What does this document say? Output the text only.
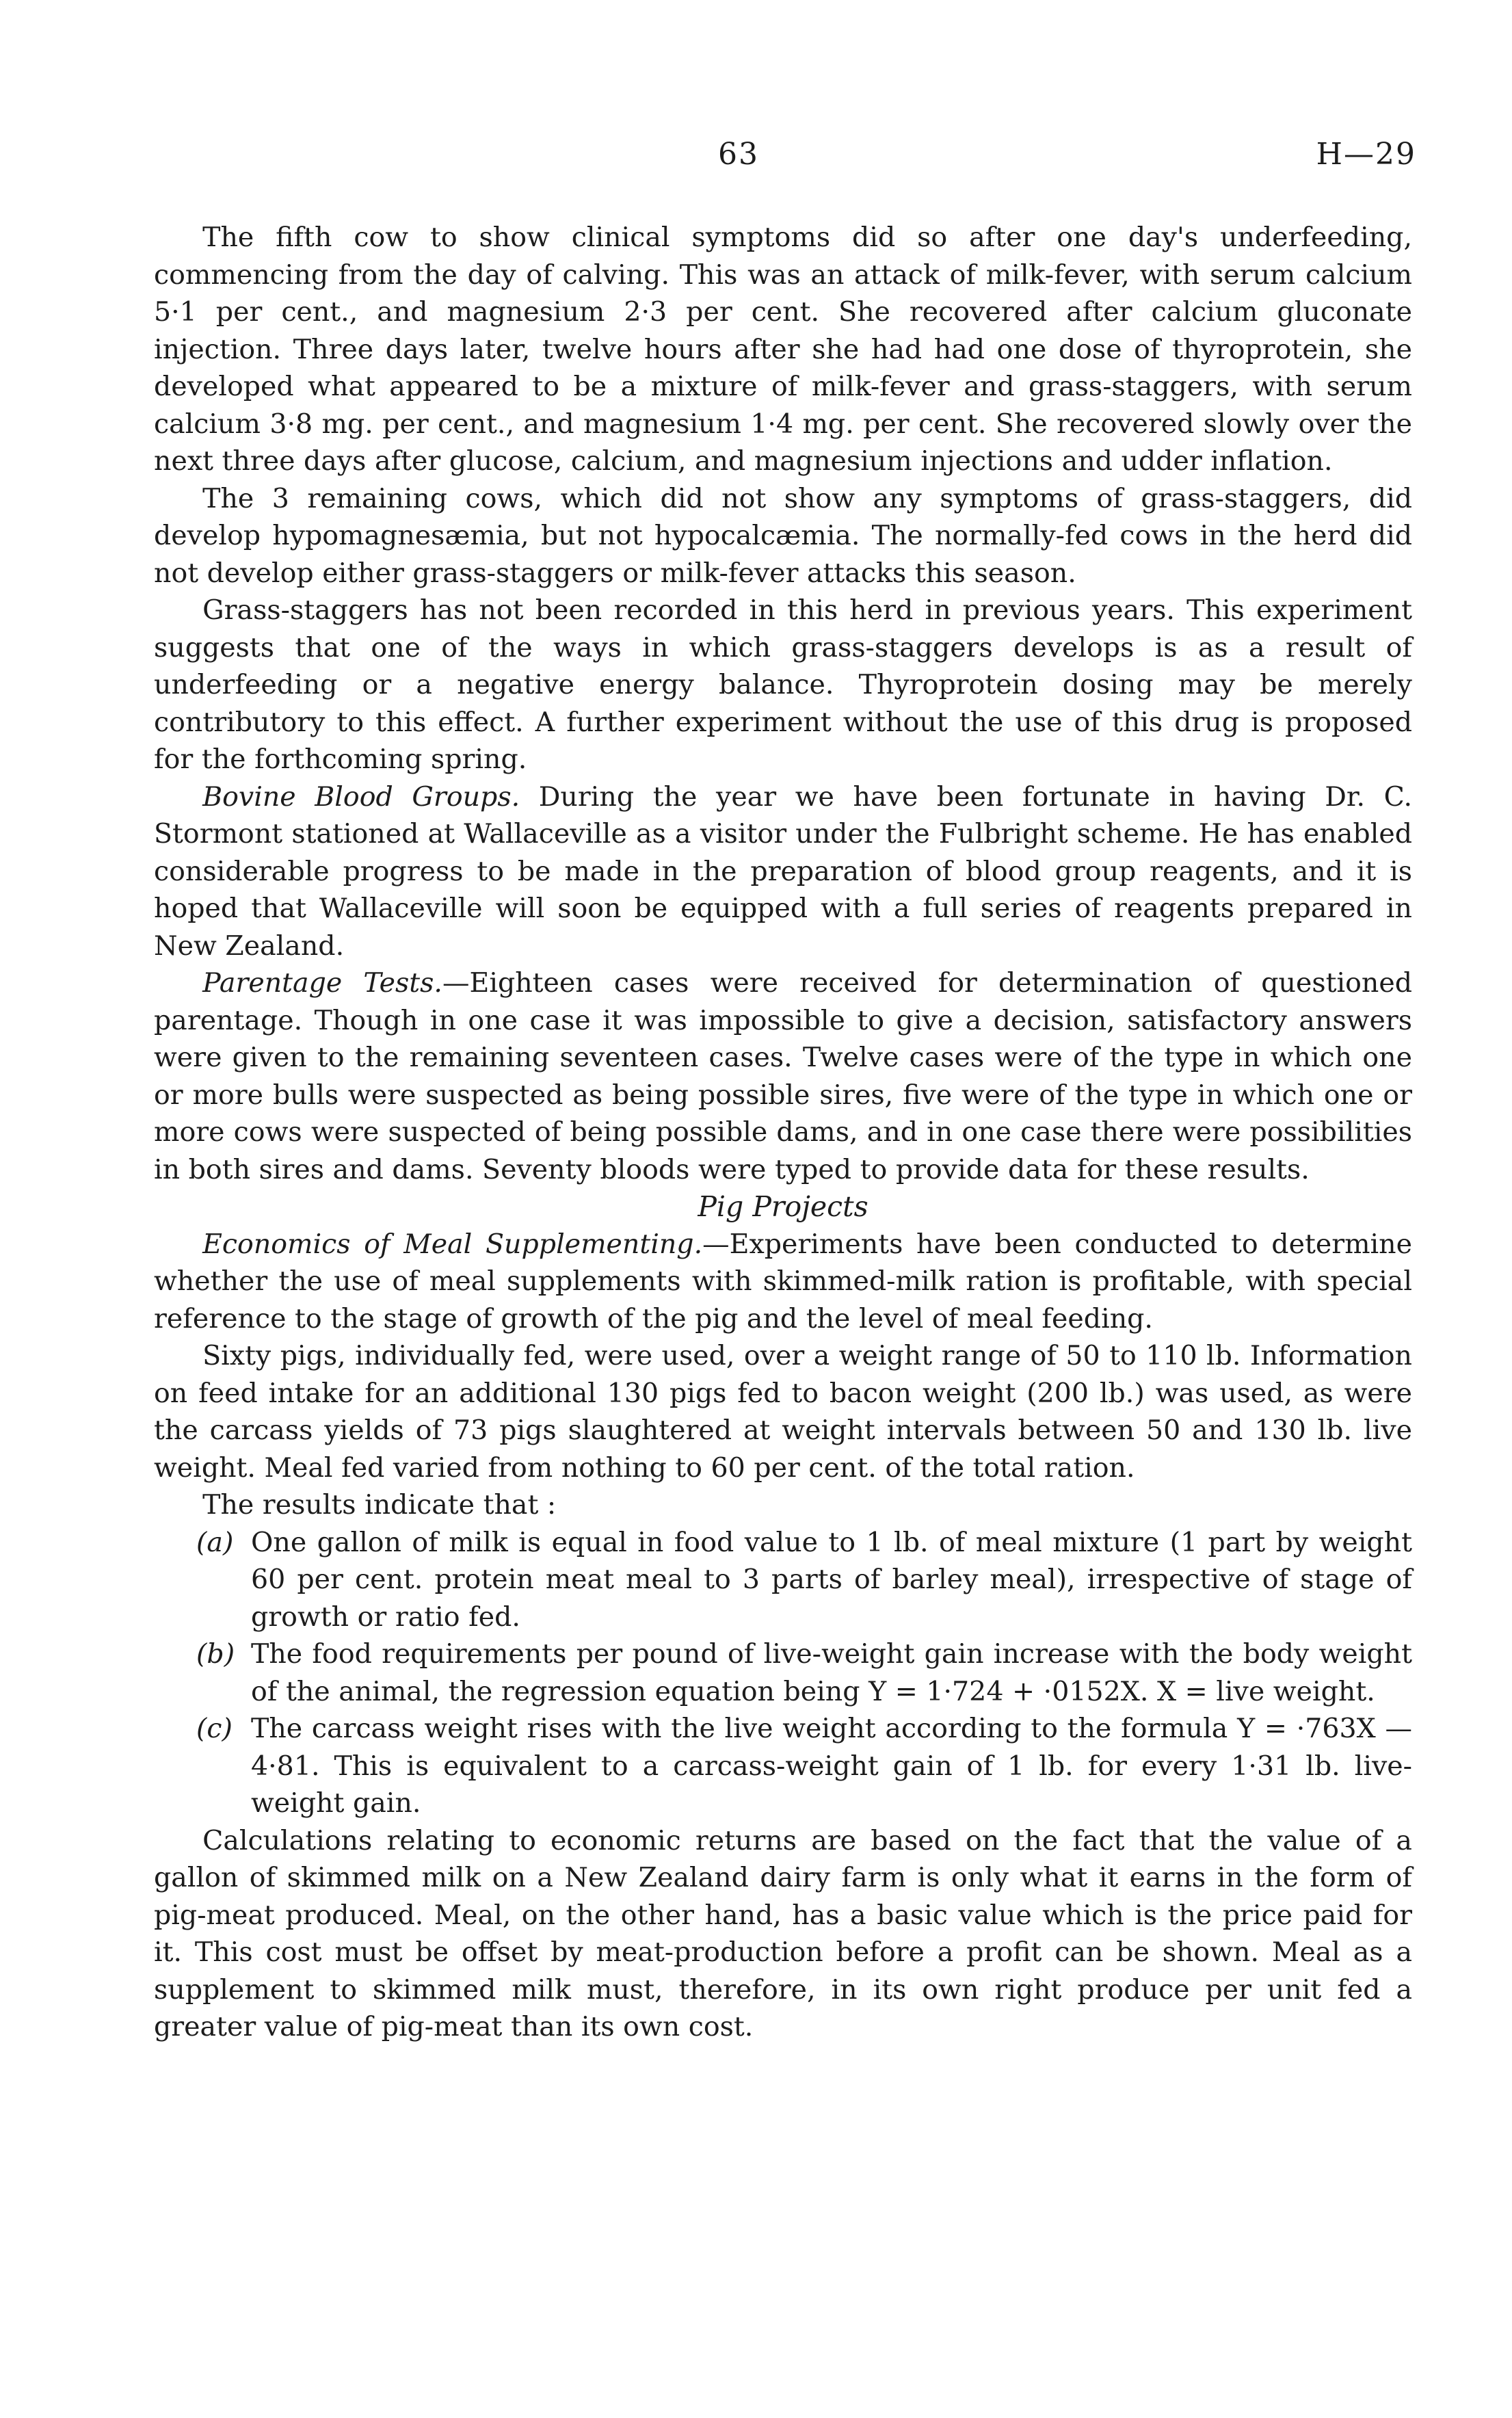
63	H—29

The fifth cow to show clinical symptoms did so after one day's underfeeding, commencing from the day of calving. This was an attack of milk-fever, with serum calcium 5·1 per cent., and magnesium 2·3 per cent. She recovered after calcium gluconate injection. Three days later, twelve hours after she had had one dose of thyroprotein, she developed what appeared to be a mixture of milk-fever and grass-staggers, with serum calcium 3·8 mg. per cent., and magnesium 1·4 mg. per cent. She recovered slowly over the next three days after glucose, calcium, and magnesium injections and udder inflation.

The 3 remaining cows, which did not show any symptoms of grass-staggers, did develop hypomagnesæmia, but not hypocalcæmia. The normally-fed cows in the herd did not develop either grass-staggers or milk-fever attacks this season.

Grass-staggers has not been recorded in this herd in previous years. This experiment suggests that one of the ways in which grass-staggers develops is as a result of underfeeding or a negative energy balance. Thyroprotein dosing may be merely contributory to this effect. A further experiment without the use of this drug is proposed for the forthcoming spring.

Bovine Blood Groups. During the year we have been fortunate in having Dr. C. Stormont stationed at Wallaceville as a visitor under the Fulbright scheme. He has enabled considerable progress to be made in the preparation of blood group reagents, and it is hoped that Wallaceville will soon be equipped with a full series of reagents prepared in New Zealand.

Parentage Tests.—Eighteen cases were received for determination of questioned parentage. Though in one case it was impossible to give a decision, satisfactory answers were given to the remaining seventeen cases. Twelve cases were of the type in which one or more bulls were suspected as being possible sires, five were of the type in which one or more cows were suspected of being possible dams, and in one case there were possibilities in both sires and dams. Seventy bloods were typed to provide data for these results.

Pig Projects

Economics of Meal Supplementing.—Experiments have been conducted to determine whether the use of meal supplements with skimmed-milk ration is profitable, with special reference to the stage of growth of the pig and the level of meal feeding.

Sixty pigs, individually fed, were used, over a weight range of 50 to 110 lb. Information on feed intake for an additional 130 pigs fed to bacon weight (200 lb.) was used, as were the carcass yields of 73 pigs slaughtered at weight intervals between 50 and 130 lb. live weight. Meal fed varied from nothing to 60 per cent. of the total ration.

The results indicate that :

(a) One gallon of milk is equal in food value to 1 lb. of meal mixture (1 part by weight 60 per cent. protein meat meal to 3 parts of barley meal), irrespective of stage of growth or ratio fed.
(b) The food requirements per pound of live-weight gain increase with the body weight of the animal, the regression equation being Y = 1·724 + ·0152X. X = live weight.
(c) The carcass weight rises with the live weight according to the formula Y = ·763X — 4·81. This is equivalent to a carcass-weight gain of 1 lb. for every 1·31 lb. live-weight gain.

Calculations relating to economic returns are based on the fact that the value of a gallon of skimmed milk on a New Zealand dairy farm is only what it earns in the form of pig-meat produced. Meal, on the other hand, has a basic value which is the price paid for it. This cost must be offset by meat-production before a profit can be shown. Meal as a supplement to skimmed milk must, therefore, in its own right produce per unit fed a greater value of pig-meat than its own cost.
